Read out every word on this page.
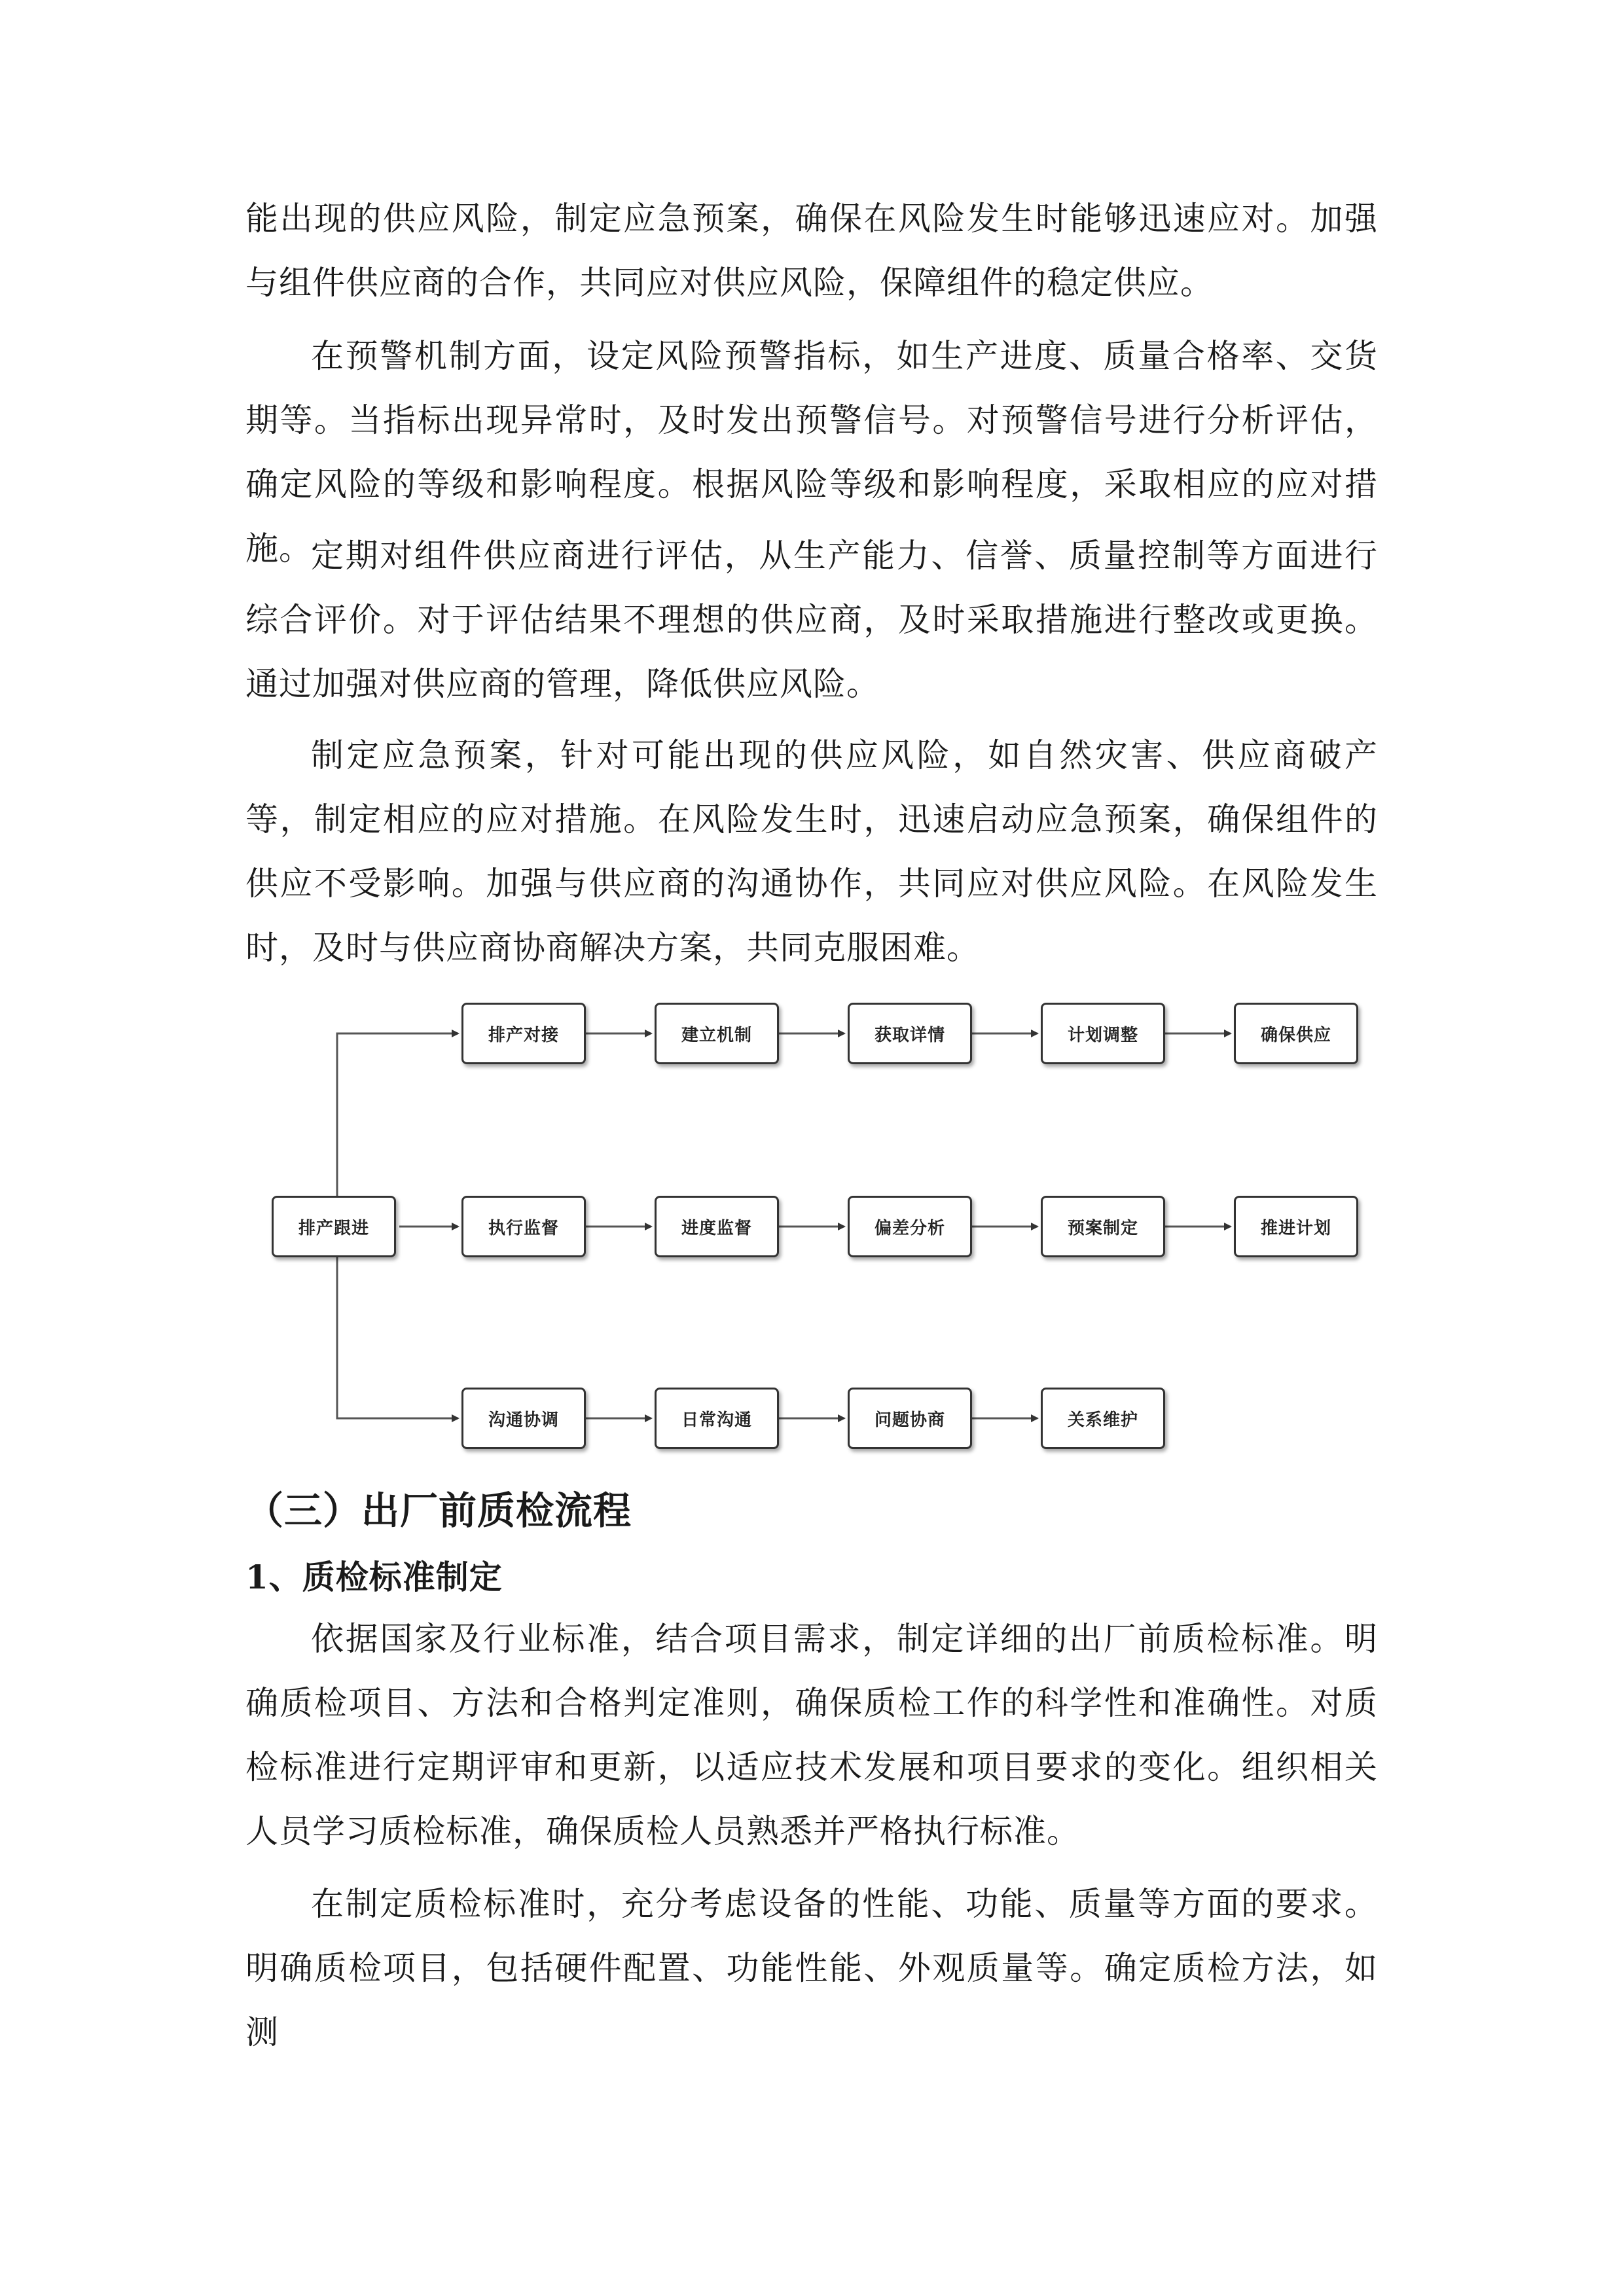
能出现的供应风险，制定应急预案，确保在风险发生时能够迅速应对。加强与组件供应商的合作，共同应对供应风险，保障组件的稳定供应。

在预警机制方面，设定风险预警指标，如生产进度、质量合格率、交货期等。当指标出现异常时，及时发出预警信号。对预警信号进行分析评估，确定风险的等级和影响程度。根据风险等级和影响程度，采取相应的应对措施。

定期对组件供应商进行评估，从生产能力、信誉、质量控制等方面进行综合评价。对于评估结果不理想的供应商，及时采取措施进行整改或更换。通过加强对供应商的管理，降低供应风险。

制定应急预案，针对可能出现的供应风险，如自然灾害、供应商破产等，制定相应的应对措施。在风险发生时，迅速启动应急预案，确保组件的供应不受影响。加强与供应商的沟通协作，共同应对供应风险。在风险发生时，及时与供应商协商解决方案，共同克服困难。

排产跟进
排产对接	建立机制	获取详情	计划调整	确保供应
执行监督	进度监督	偏差分析	预案制定	推进计划
沟通协调	日常沟通	问题协商	关系维护
（三）出厂前质检流程
1、质检标准制定

依据国家及行业标准，结合项目需求，制定详细的出厂前质检标准。明确质检项目、方法和合格判定准则，确保质检工作的科学性和准确性。对质检标准进行定期评审和更新，以适应技术发展和项目要求的变化。组织相关人员学习质检标准，确保质检人员熟悉并严格执行标准。

在制定质检标准时，充分考虑设备的性能、功能、质量等方面的要求。明确质检项目，包括硬件配置、功能性能、外观质量等。确定质检方法，如测
